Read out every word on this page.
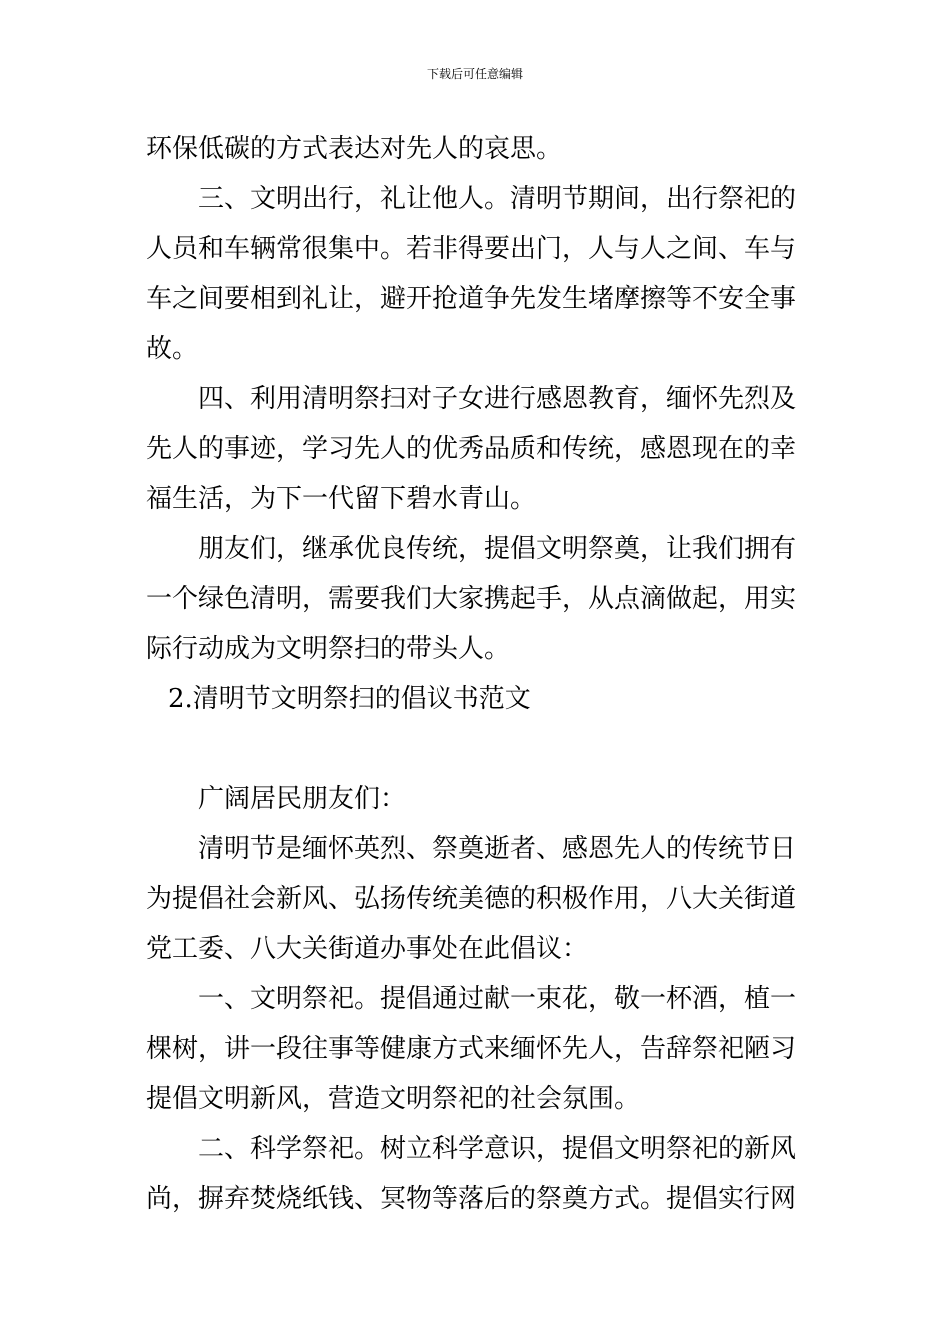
下载后可任意编辑
环保低碳的方式表达对先人的哀思。
三、文明出行，礼让他人。清明节期间，出行祭祀的
人员和车辆常很集中。若非得要出门，人与人之间、车与
车之间要相到礼让，避开抢道争先发生堵摩擦等不安全事
故。
四、利用清明祭扫对子女进行感恩教育，缅怀先烈及
先人的事迹，学习先人的优秀品质和传统，感恩现在的幸
福生活，为下一代留下碧水青山。
朋友们，继承优良传统，提倡文明祭奠，让我们拥有
一个绿色清明，需要我们大家携起手，从点滴做起，用实
际行动成为文明祭扫的带头人。
2.清明节文明祭扫的倡议书范文
广阔居民朋友们：
清明节是缅怀英烈、祭奠逝者、感恩先人的传统节日
为提倡社会新风、弘扬传统美德的积极作用，八大关街道
党工委、八大关街道办事处在此倡议：
一、文明祭祀。提倡通过献一束花，敬一杯酒，植一
棵树，讲一段往事等健康方式来缅怀先人，告辞祭祀陋习
提倡文明新风，营造文明祭祀的社会氛围。
二、科学祭祀。树立科学意识，提倡文明祭祀的新风
尚，摒弃焚烧纸钱、冥物等落后的祭奠方式。提倡实行网
